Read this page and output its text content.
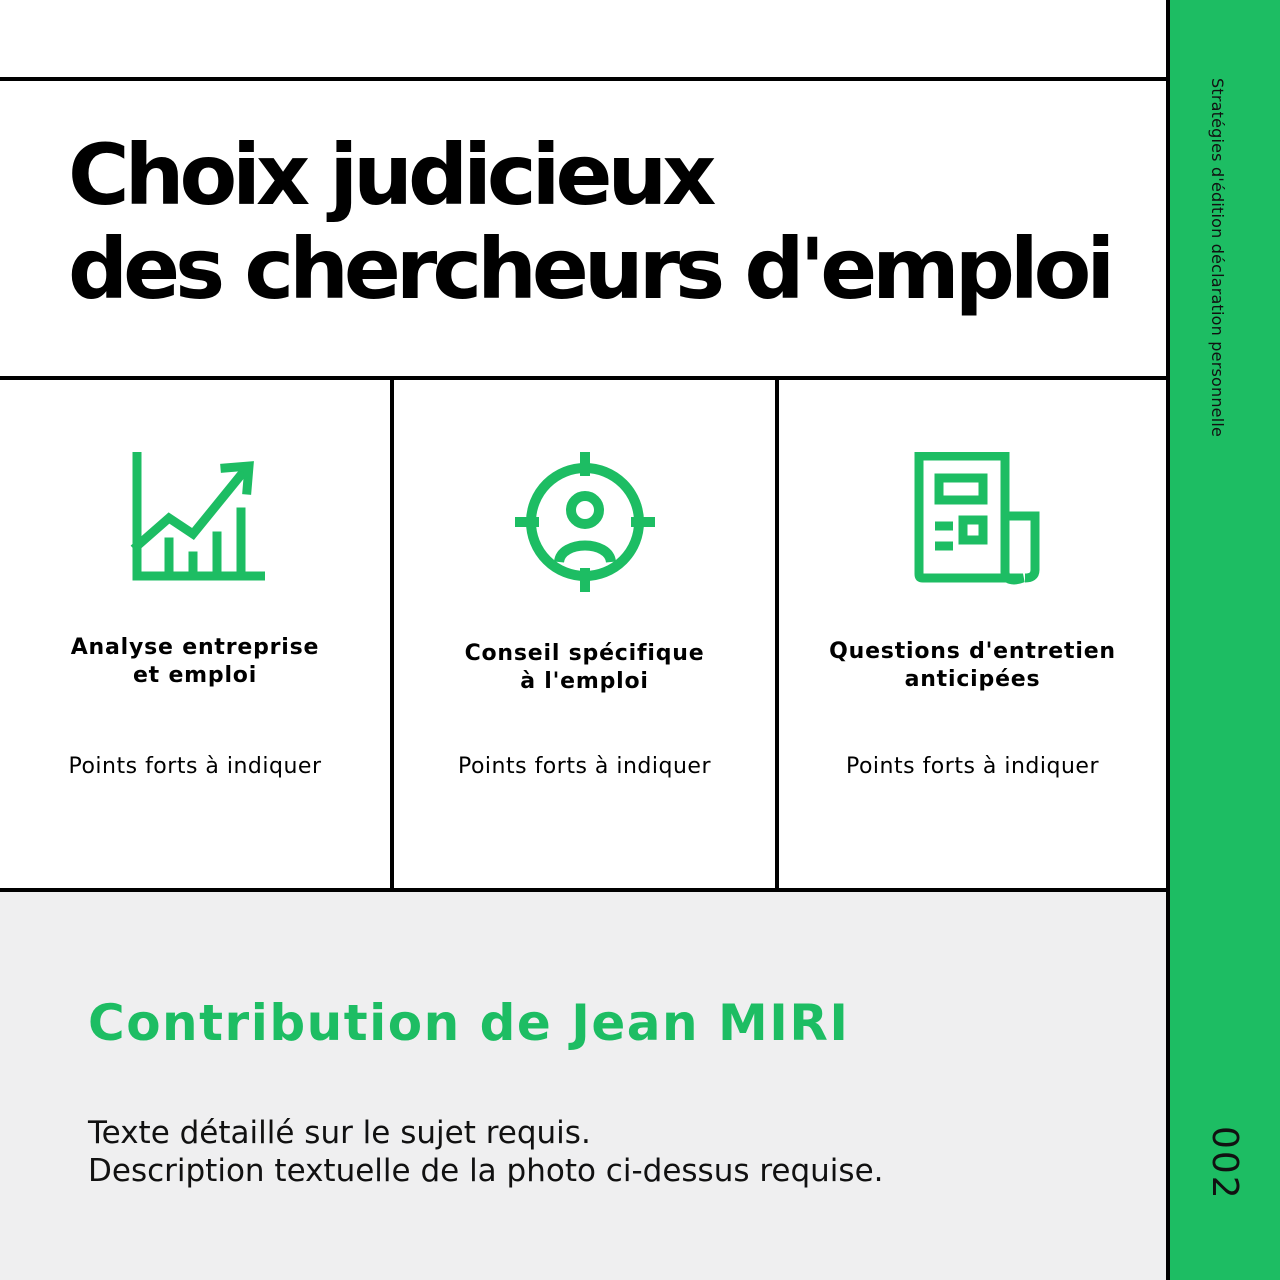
Stratégies d'édition déclaration personnelle
002
Choix judicieux
des chercheurs d'emploi
Analyse entreprise
et emploi
Points forts à indiquer
Conseil spécifique
à l'emploi
Points forts à indiquer
Questions d'entretien
anticipées
Points forts à indiquer
Contribution de Jean MIRI
Texte détaillé sur le sujet requis.
Description textuelle de la photo ci-dessus requise.
